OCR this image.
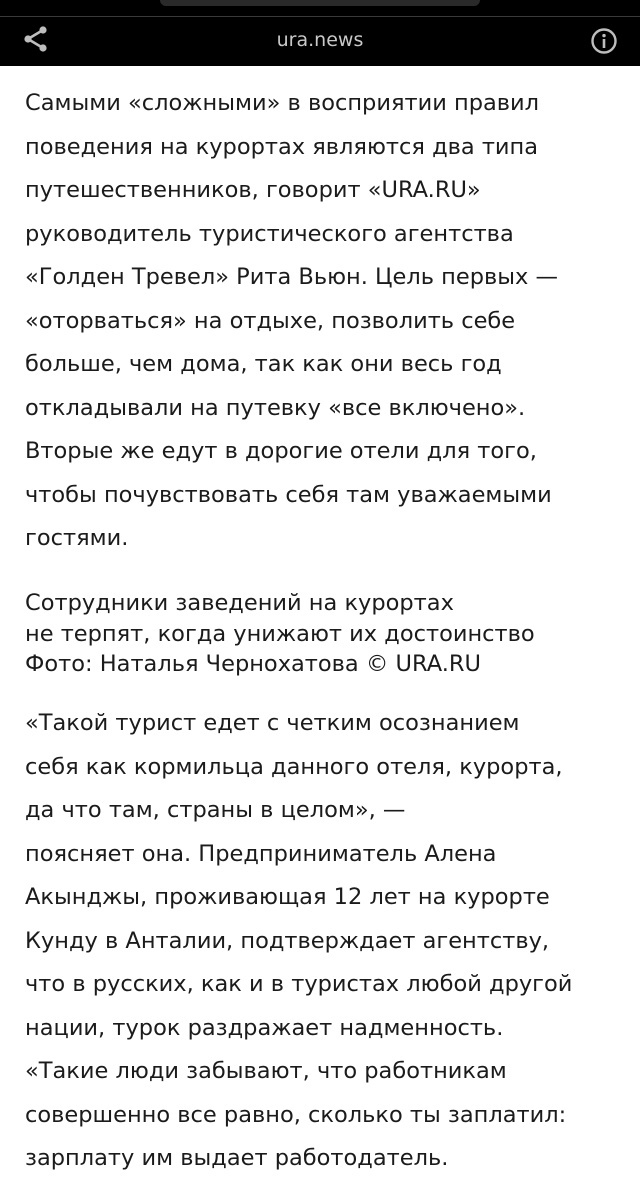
ura.news

Самыми «сложными» в восприятии правил
поведения на курортах являются два типа
путешественников, говорит «URA.RU»
руководитель туристического агентства
«Голден Тревел» Рита Вьюн. Цель первых —
«оторваться» на отдыхе, позволить себе
больше, чем дома, так как они весь год
откладывали на путевку «все включено».
Вторые же едут в дорогие отели для того,
чтобы почувствовать себя там уважаемыми
гостями.

Сотрудники заведений на курортах
не терпят, когда унижают их достоинство
Фото: Наталья Чернохатова © URA.RU

«Такой турист едет с четким осознанием
себя как кормильца данного отеля, курорта,
да что там, страны в целом», —
поясняет она. Предприниматель Алена
Акынджы, проживающая 12 лет на курорте
Кунду в Анталии, подтверждает агентству,
что в русских, как и в туристах любой другой
нации, турок раздражает надменность.
«Такие люди забывают, что работникам
совершенно все равно, сколько ты заплатил:
зарплату им выдает работодатель.
